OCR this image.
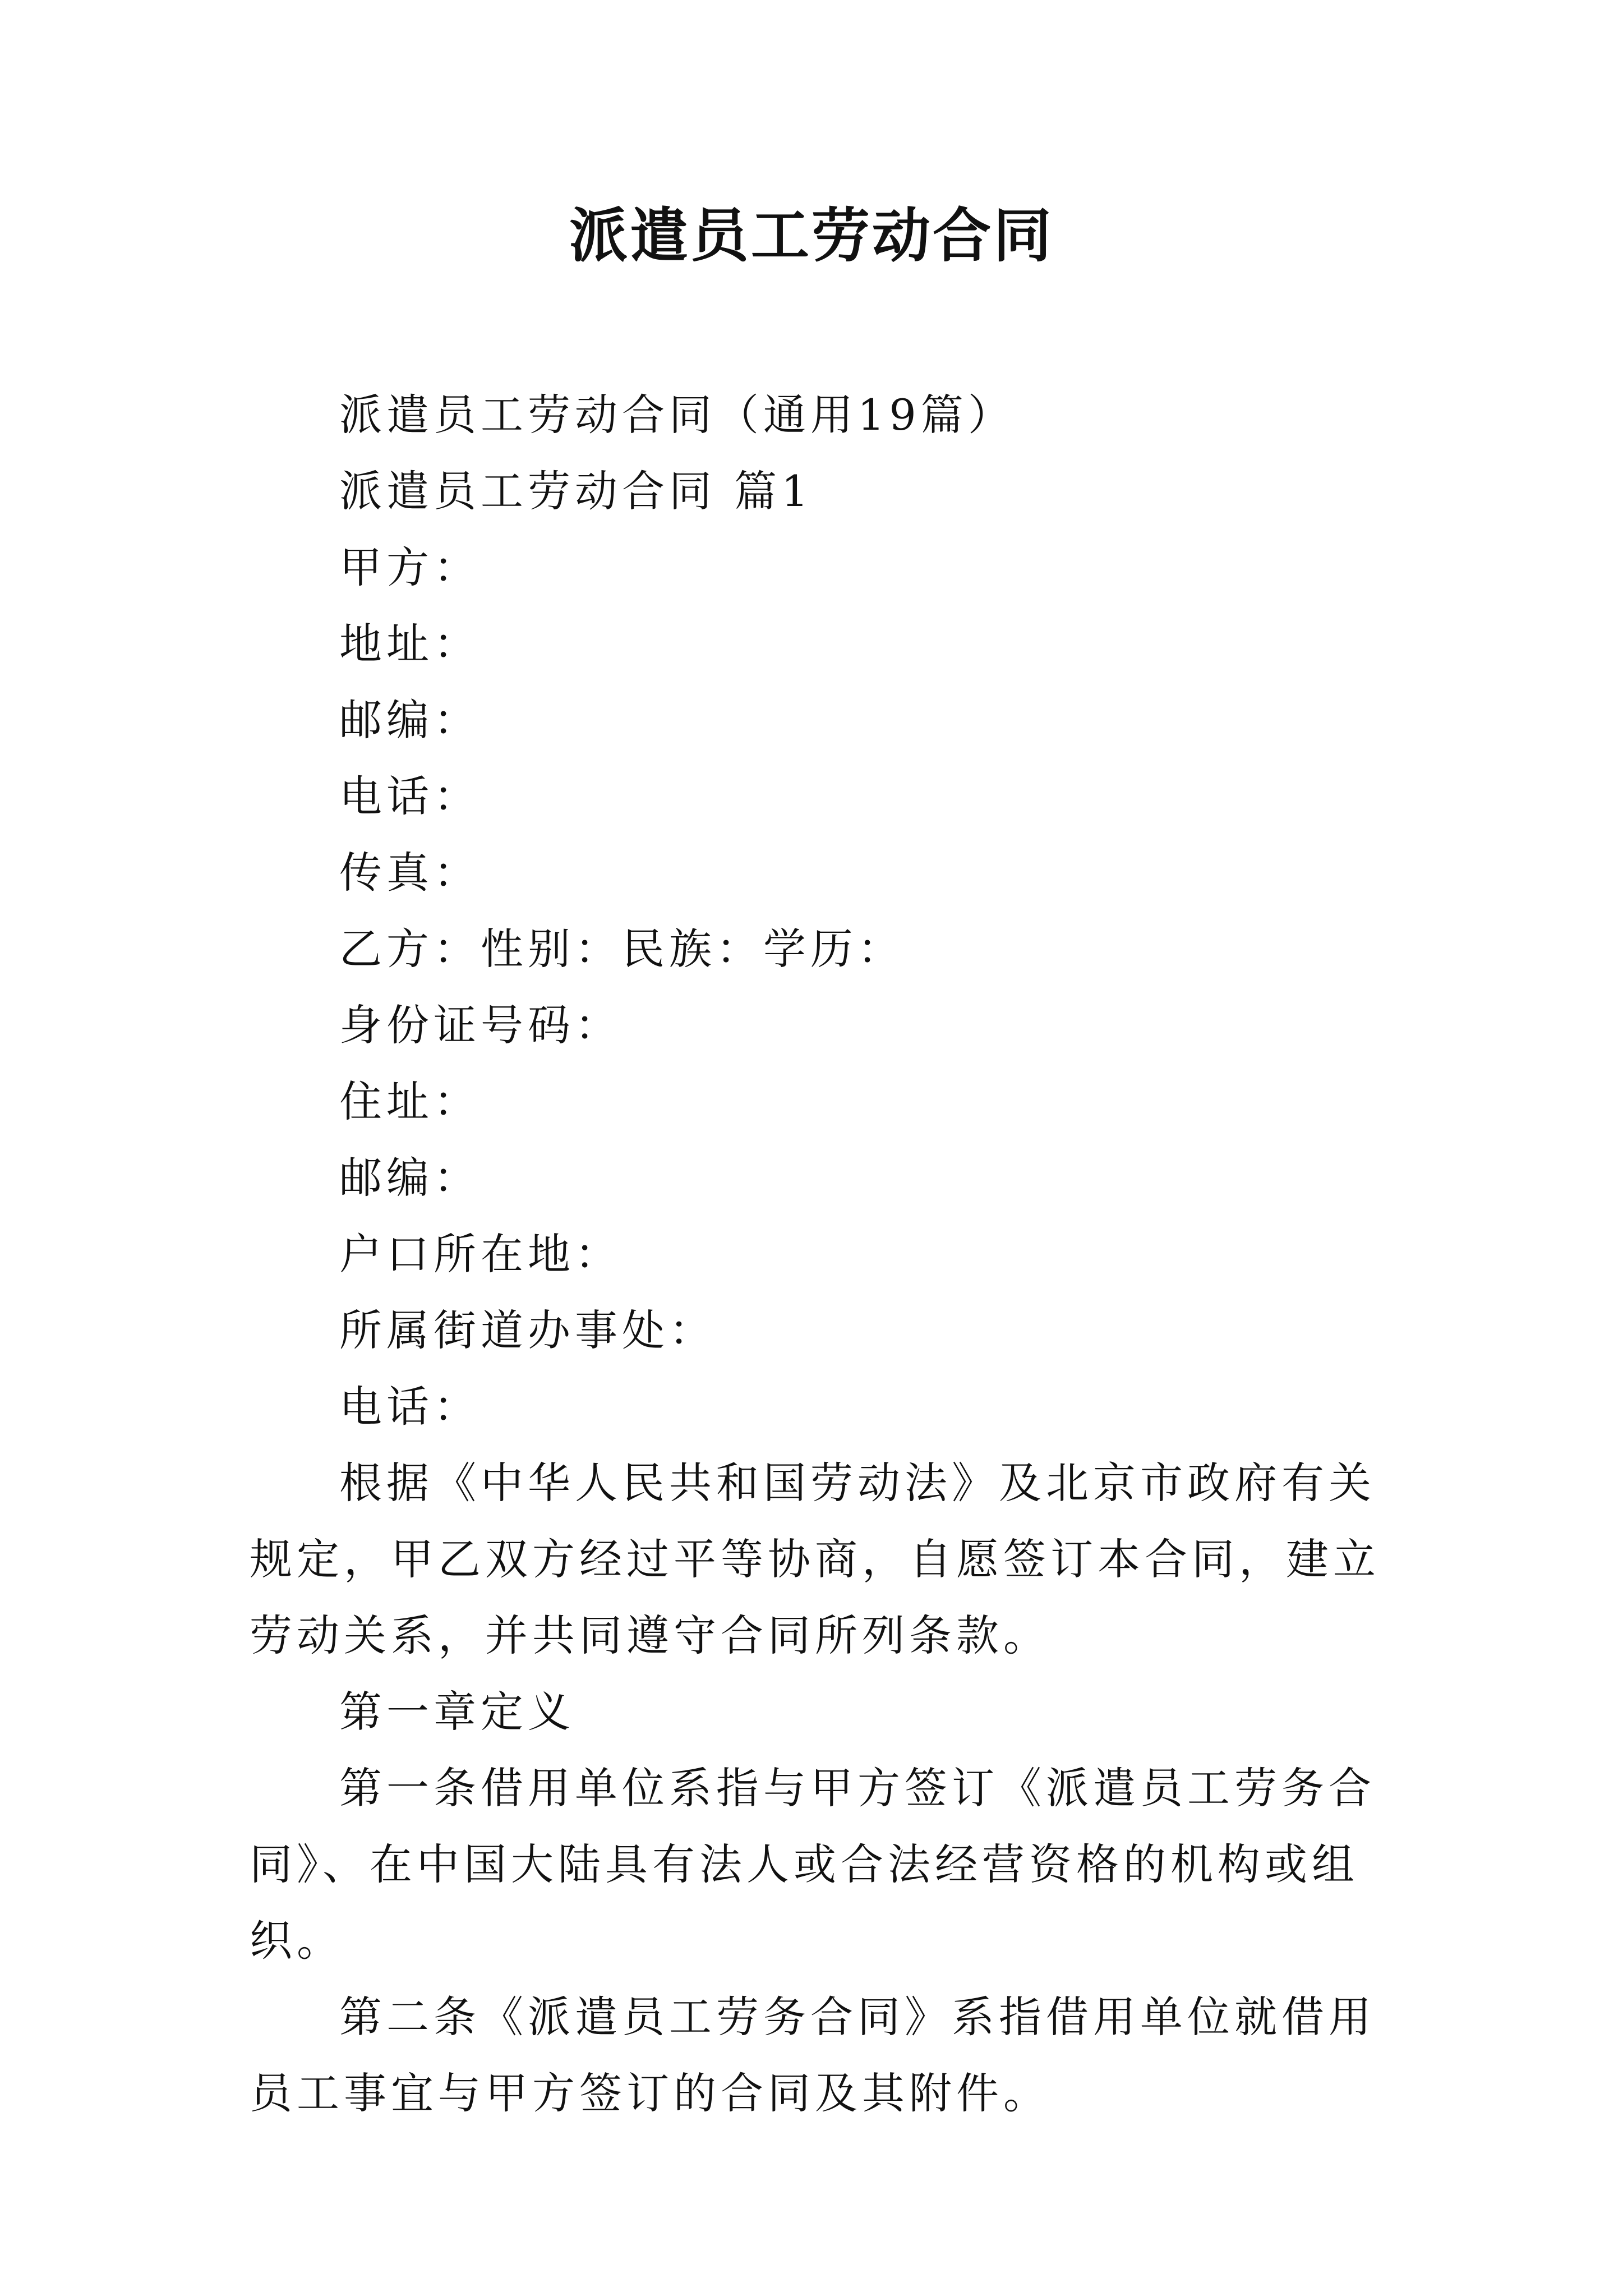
派遣员工劳动合同

派遣员工劳动合同（通用19篇）

派遣员工劳动合同 篇1

甲方：

地址：

邮编：

电话：

传真：

乙方：性别：民族：学历：

身份证号码：

住址：

邮编：

户口所在地：

所属街道办事处：

电话：

根据《中华人民共和国劳动法》及北京市政府有关规定，甲乙双方经过平等协商，自愿签订本合同，建立劳动关系，并共同遵守合同所列条款。

第一章定义

第一条借用单位系指与甲方签订《派遣员工劳务合同》、在中国大陆具有法人或合法经营资格的机构或组织。

第二条《派遣员工劳务合同》系指借用单位就借用员工事宜与甲方签订的合同及其附件。
